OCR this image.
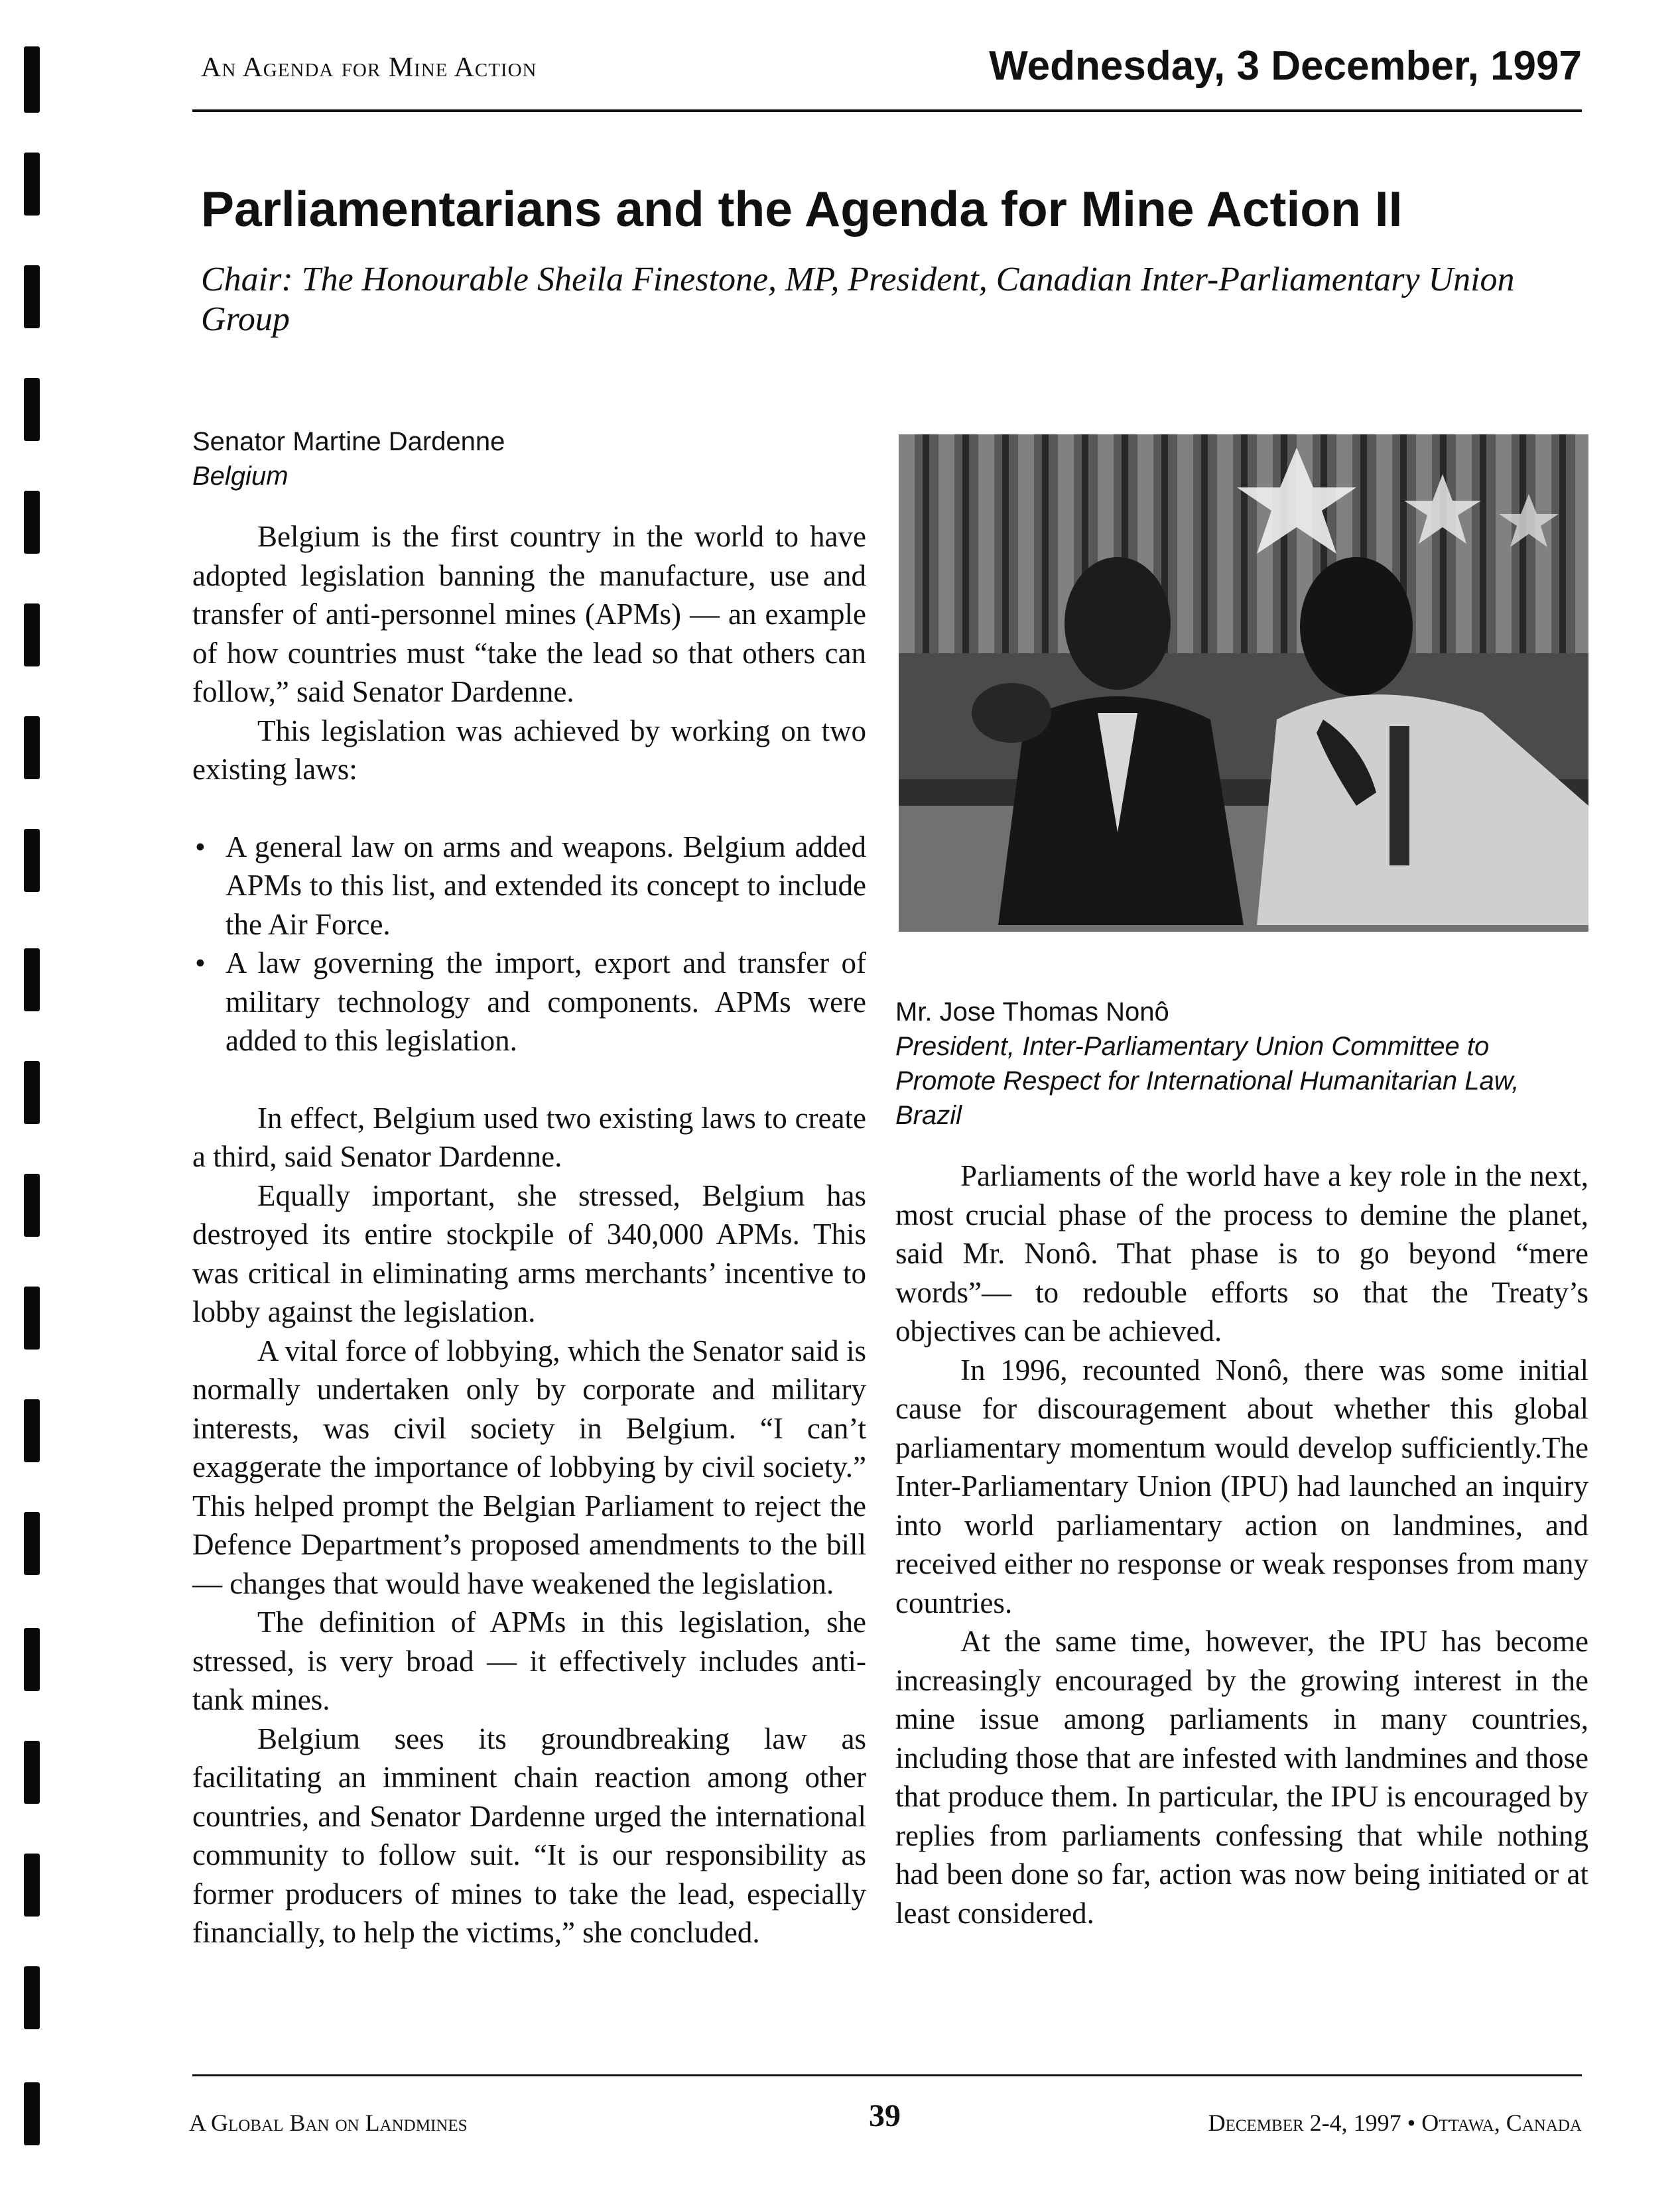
An Agenda for Mine Action	Wednesday, 3 December, 1997
Parliamentarians and the Agenda for Mine Action II
Chair: The Honourable Sheila Finestone, MP, President, Canadian Inter-Parliamentary Union Group
Senator Martine Dardenne
Belgium

Belgium is the first country in the world to have adopted legislation banning the manufacture, use and transfer of anti-personnel mines (APMs) — an example of how countries must “take the lead so that others can follow,” said Senator Dardenne.

This legislation was achieved by working on two existing laws:

• A general law on arms and weapons. Belgium added APMs to this list, and extended its concept to include the Air Force.
• A law governing the import, export and transfer of military technology and components. APMs were added to this legislation.

In effect, Belgium used two existing laws to create a third, said Senator Dardenne.

Equally important, she stressed, Belgium has destroyed its entire stockpile of 340,000 APMs. This was critical in eliminating arms merchants’ incentive to lobby against the legislation.

A vital force of lobbying, which the Senator said is normally undertaken only by corporate and military interests, was civil society in Belgium. “I can’t exaggerate the importance of lobbying by civil society.” This helped prompt the Belgian Parliament to reject the Defence Department’s proposed amendments to the bill — changes that would have weakened the legislation.

The definition of APMs in this legislation, she stressed, is very broad — it effectively includes anti-tank mines.

Belgium sees its groundbreaking law as facilitating an imminent chain reaction among other countries, and Senator Dardenne urged the international community to follow suit. “It is our responsibility as former producers of mines to take the lead, especially financially, to help the victims,” she concluded.

Mr. Jose Thomas Nonô
President, Inter-Parliamentary Union Committee to Promote Respect for International Humanitarian Law, Brazil

Parliaments of the world have a key role in the next, most crucial phase of the process to demine the planet, said Mr. Nonô. That phase is to go beyond “mere words”— to redouble efforts so that the Treaty’s objectives can be achieved.

In 1996, recounted Nonô, there was some initial cause for discouragement about whether this global parliamentary momentum would develop sufficiently.The Inter-Parliamentary Union (IPU) had launched an inquiry into world parliamentary action on landmines, and received either no response or weak responses from many countries.

At the same time, however, the IPU has become increasingly encouraged by the growing interest in the mine issue among parliaments in many countries, including those that are infested with landmines and those that produce them. In particular, the IPU is encouraged by replies from parliaments confessing that while nothing had been done so far, action was now being initiated or at least considered.

A Global Ban on Landmines	39	December 2-4, 1997 • Ottawa, Canada
